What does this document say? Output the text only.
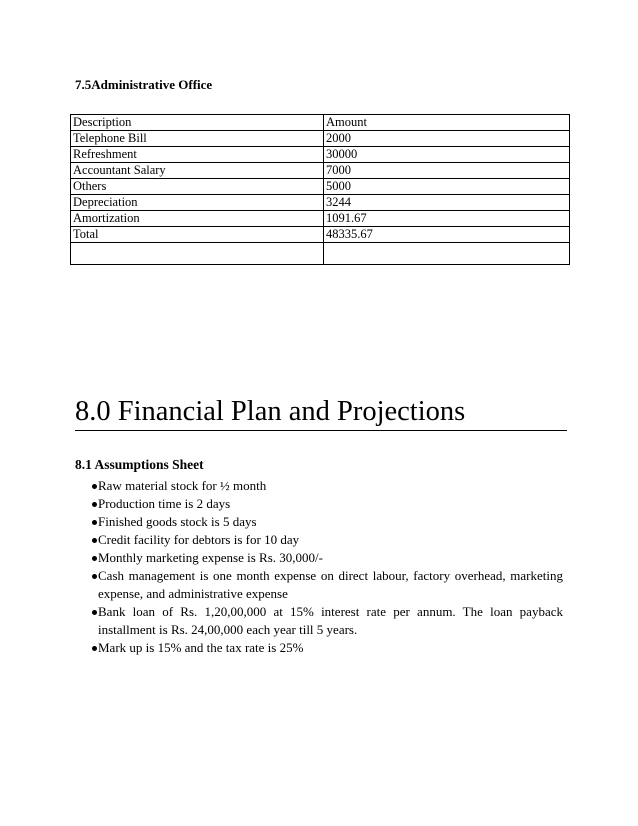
7.5Administrative Office
Description	Amount
Telephone Bill	2000
Refreshment	30000
Accountant Salary	7000
Others	5000
Depreciation	3244
Amortization	1091.67
Total	48335.67

8.0 Financial Plan and Projections
8.1 Assumptions Sheet
Raw material stock for ½ month
Production time is 2 days
Finished goods stock is 5 days
Credit facility for debtors is for 10 day
Monthly marketing expense is Rs. 30,000/-
Cash management is one month expense on direct labour, factory overhead, marketing expense, and administrative expense
Bank loan of Rs. 1,20,00,000 at 15% interest rate per annum. The loan payback installment is Rs. 24,00,000 each year till 5 years.
Mark up is 15% and the tax rate is 25%
